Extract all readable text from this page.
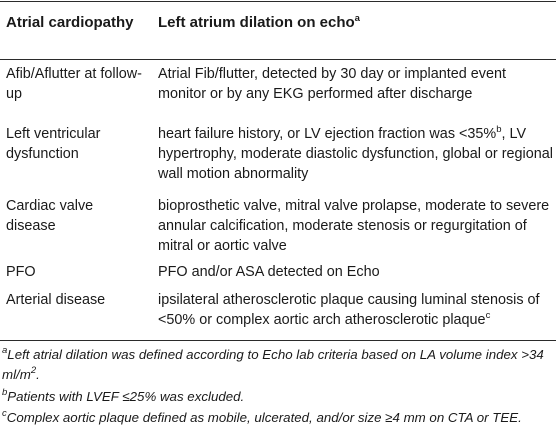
Atrial cardiopathy Left atrium dilation on echo$^a$
Afib/Aflutter at follow-up
Atrial Fib/flutter, detected by 30 day or implanted event monitor or by any EKG performed after discharge
Left ventricular dysfunction
heart failure history, or LV ejection fraction was <35%$^b$, LV hypertrophy, moderate diastolic dysfunction, global or regional wall motion abnormality
Cardiac valve disease
bioprosthetic valve, mitral valve prolapse, moderate to severe annular calcification, moderate stenosis or regurgitation of mitral or aortic valve
PFO	PFO and/or ASA detected on Echo
Arterial disease	ipsilateral atherosclerotic plaque causing luminal stenosis of <50% or complex aortic arch atherosclerotic plaque$^c$
$^a$Left atrial dilation was defined according to Echo lab criteria based on LA volume index >34 $ml/m^2$.
$^b$Patients with LVEF ≤25% was excluded.
$^c$Complex aortic plaque defined as mobile, ulcerated, and/or size ≥4 mm on CTA or TEE.
